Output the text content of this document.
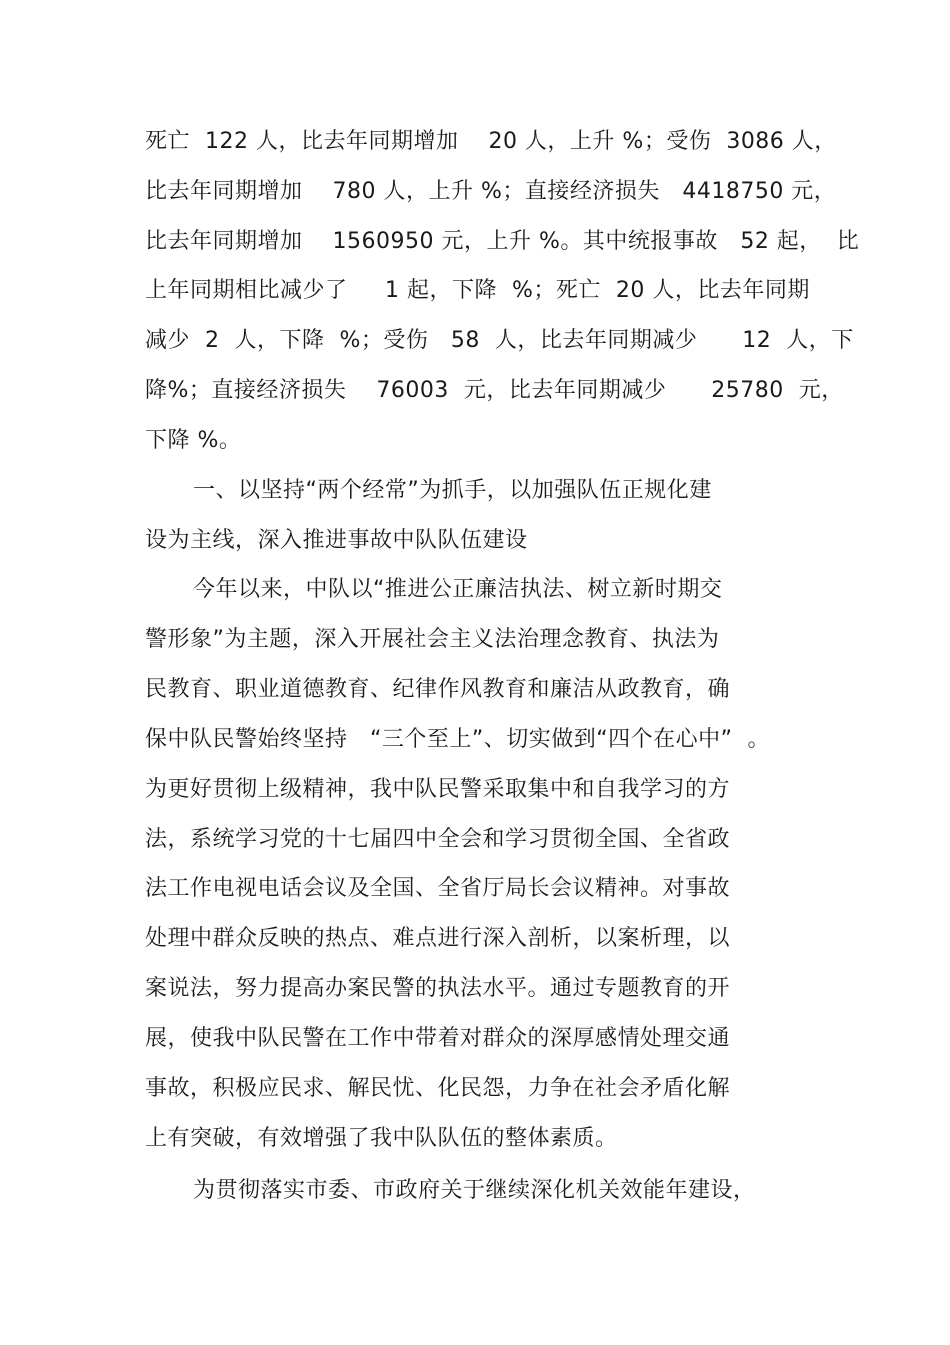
死亡  122 人，比去年同期增加    20 人，上升 %；受伤  3086 人，
比去年同期增加    780 人，上升 %；直接经济损失   4418750 元，
比去年同期增加    1560950 元，上升 %。其中统报事故   52 起，  比
上年同期相比减少了     1 起，下降  %；死亡  20 人，比去年同期
减少  2  人，下降  %；受伤   58  人，比去年同期减少      12  人，下
降%；直接经济损失    76003  元，比去年同期减少      25780  元，
下降 %。
一、以坚持“两个经常”为抓手，以加强队伍正规化建
设为主线，深入推进事故中队队伍建设
今年以来，中队以“推进公正廉洁执法、树立新时期交
警形象”为主题，深入开展社会主义法治理念教育、执法为
民教育、职业道德教育、纪律作风教育和廉洁从政教育，确
保中队民警始终坚持   “三个至上”、切实做到“四个在心中”  。
为更好贯彻上级精神，我中队民警采取集中和自我学习的方
法，系统学习党的十七届四中全会和学习贯彻全国、全省政
法工作电视电话会议及全国、全省厅局长会议精神。对事故
处理中群众反映的热点、难点进行深入剖析，以案析理，以
案说法，努力提高办案民警的执法水平。通过专题教育的开
展，使我中队民警在工作中带着对群众的深厚感情处理交通
事故，积极应民求、解民忧、化民怨，力争在社会矛盾化解
上有突破，有效增强了我中队队伍的整体素质。
为贯彻落实市委、市政府关于继续深化机关效能年建设，
